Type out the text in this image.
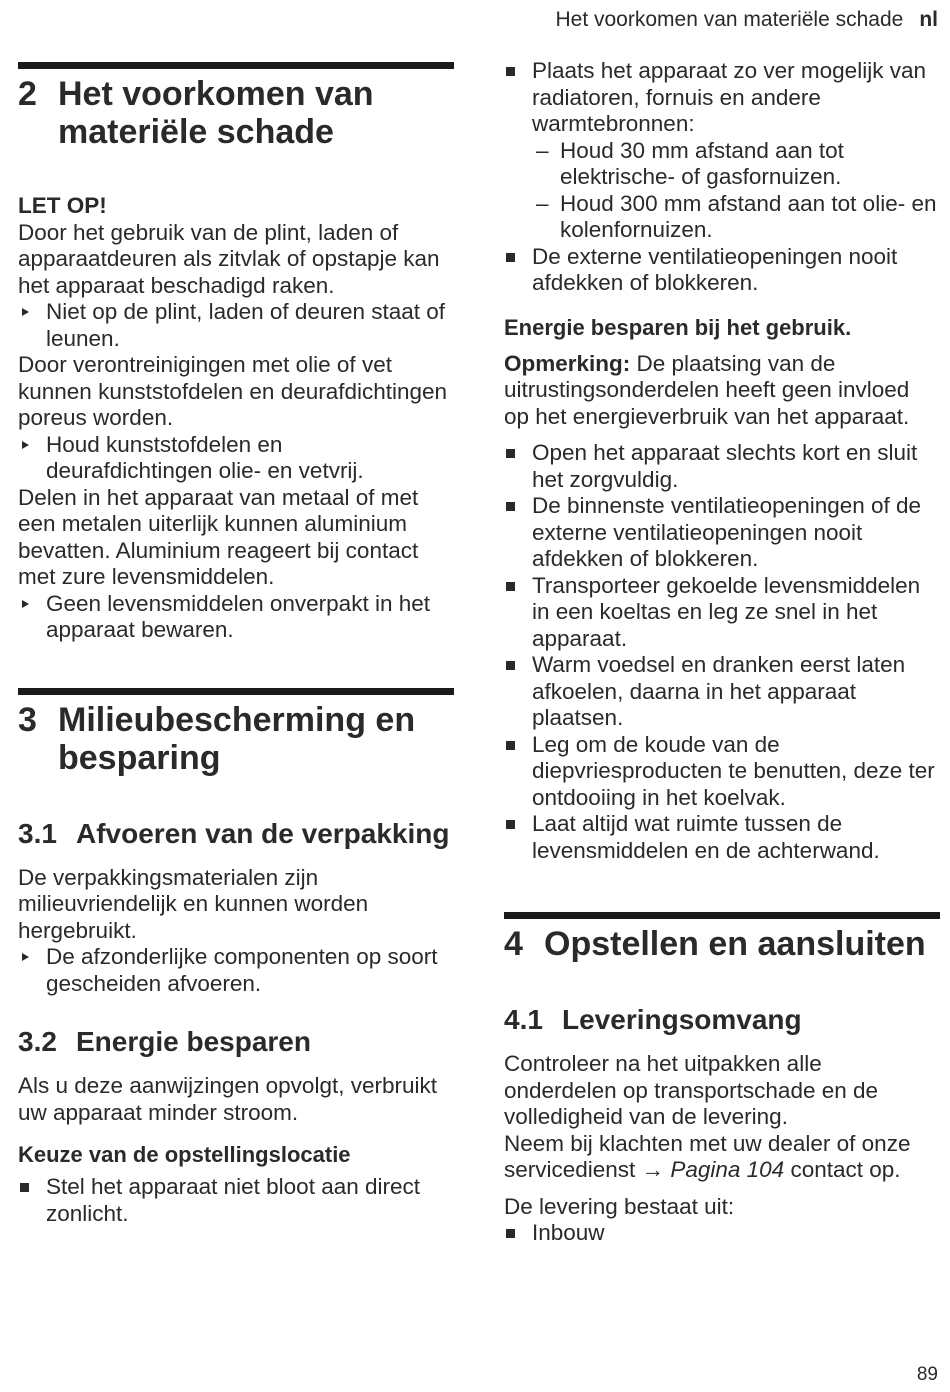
Het voorkomen van materiële schade nl
2 Het voorkomen van materiële schade

LET OP!

Door het gebruik van de plint, laden of apparaatdeuren als zitvlak of opstapje kan het apparaat beschadigd raken.

Niet op de plint, laden of deuren staat of leunen.

Door verontreinigingen met olie of vet kunnen kunststofdelen en deurafdichtingen poreus worden.

Houd kunststofdelen en deurafdichtingen olie- en vetvrij.

Delen in het apparaat van metaal of met een metalen uiterlijk kunnen aluminium bevatten. Aluminium reageert bij contact met zure levensmiddelen.

Geen levensmiddelen onverpakt in het apparaat bewaren.
3 Milieubescherming en besparing
3.1 Afvoeren van de verpakking

De verpakkingsmaterialen zijn milieuvriendelijk en kunnen worden hergebruikt.

De afzonderlijke componenten op soort gescheiden afvoeren.
3.2 Energie besparen

Als u deze aanwijzingen opvolgt, verbruikt uw apparaat minder stroom.

Keuze van de opstellingslocatie

Stel het apparaat niet bloot aan direct zonlicht.
Plaats het apparaat zo ver mogelijk van radiatoren, fornuis en andere warmtebronnen:
– Houd 30 mm afstand aan tot elektrische- of gasfornuizen.
– Houd 300 mm afstand aan tot olie- en kolenfornuizen.
De externe ventilatieopeningen nooit afdekken of blokkeren.

Energie besparen bij het gebruik.

Opmerking: De plaatsing van de uitrustingsonderdelen heeft geen invloed op het energieverbruik van het apparaat.

Open het apparaat slechts kort en sluit het zorgvuldig.
De binnenste ventilatieopeningen of de externe ventilatieopeningen nooit afdekken of blokkeren.
Transporteer gekoelde levensmiddelen in een koeltas en leg ze snel in het apparaat.
Warm voedsel en dranken eerst laten afkoelen, daarna in het apparaat plaatsen.
Leg om de koude van de diepvriesproducten te benutten, deze ter ontdooiing in het koelvak.
Laat altijd wat ruimte tussen de levensmiddelen en de achterwand.
4 Opstellen en aansluiten
4.1 Leveringsomvang

Controleer na het uitpakken alle onderdelen op transportschade en de volledigheid van de levering.

Neem bij klachten met uw dealer of onze servicedienst → Pagina 104 contact op.

De levering bestaat uit:

Inbouw
89
